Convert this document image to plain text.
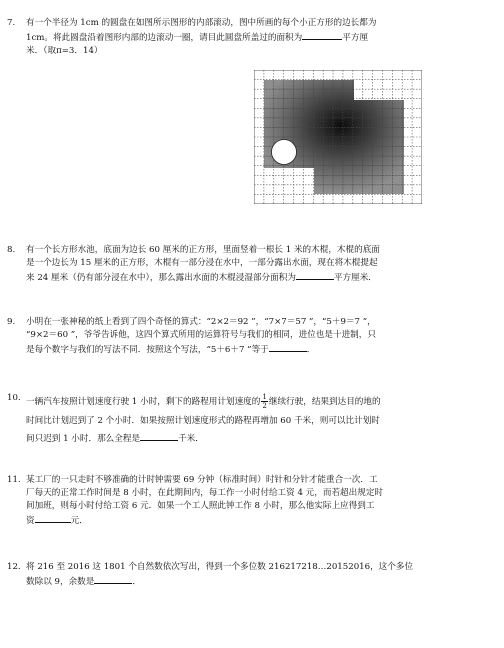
7. 有一个半径为 1cm 的圆盘在如图所示图形的内部滚动，图中所画的每个小正方形的边长都为
1cm。将此圆盘沿着图形内部的边滚动一圈，请目此圆盘所盖过的面积为	平方厘
米．（取π=3．14）
8. 有一个长方形水池，底面为边长 60 厘米的正方形，里面竖着一根长 1 米的木棍，木棍的底面
是一个边长为 15 厘米的正方形，木棍有一部分浸在水中，一部分露出水面，现在将木棍提起
来 24 厘米（仍有部分浸在水中），那么露出水面的木棍浸湿部分面积为	平方厘米．
9. 小明在一张神秘的纸上看到了四个奇怪的算式：“2×2＝92 ”，“7×7＝57 ”，“5＋9＝7 ”，
“9×2＝60 ”，爷爷告诉他，这四个算式所用的运算符号与我们的相同，进位也是十进制，只
是每个数字与我们的写法不同．按照这个写法，“5＋6＋7 ”等于	．
10. 一辆汽车按照计划速度行驶 1 小时，剩下的路程用计划速度的 $\frac{1}{2}$ 继续行驶，结果到达目的地的
时间比计划迟到了 2 个小时．如果按照计划速度形式的路程再增加 60 千米，则可以比计划时
间只迟到 1 小时．那么全程是	千米．
11. 某工厂的一只走时不够准确的计时钟需要 69 分钟（标准时间）时针和分针才能重合一次．工
厂每天的正常工作时间是 8 小时，在此期间内，每工作一小时付给工资 4 元，而若超出规定时
间加班，则每小时付给工资 6 元．如果一个工人照此钟工作 8 小时，那么他实际上应得到工
资	元．
12. 将 216 至 2016 这 1801 个自然数依次写出，得到一个多位数 216217218…20152016，这个多位
数除以 9，余数是	．
